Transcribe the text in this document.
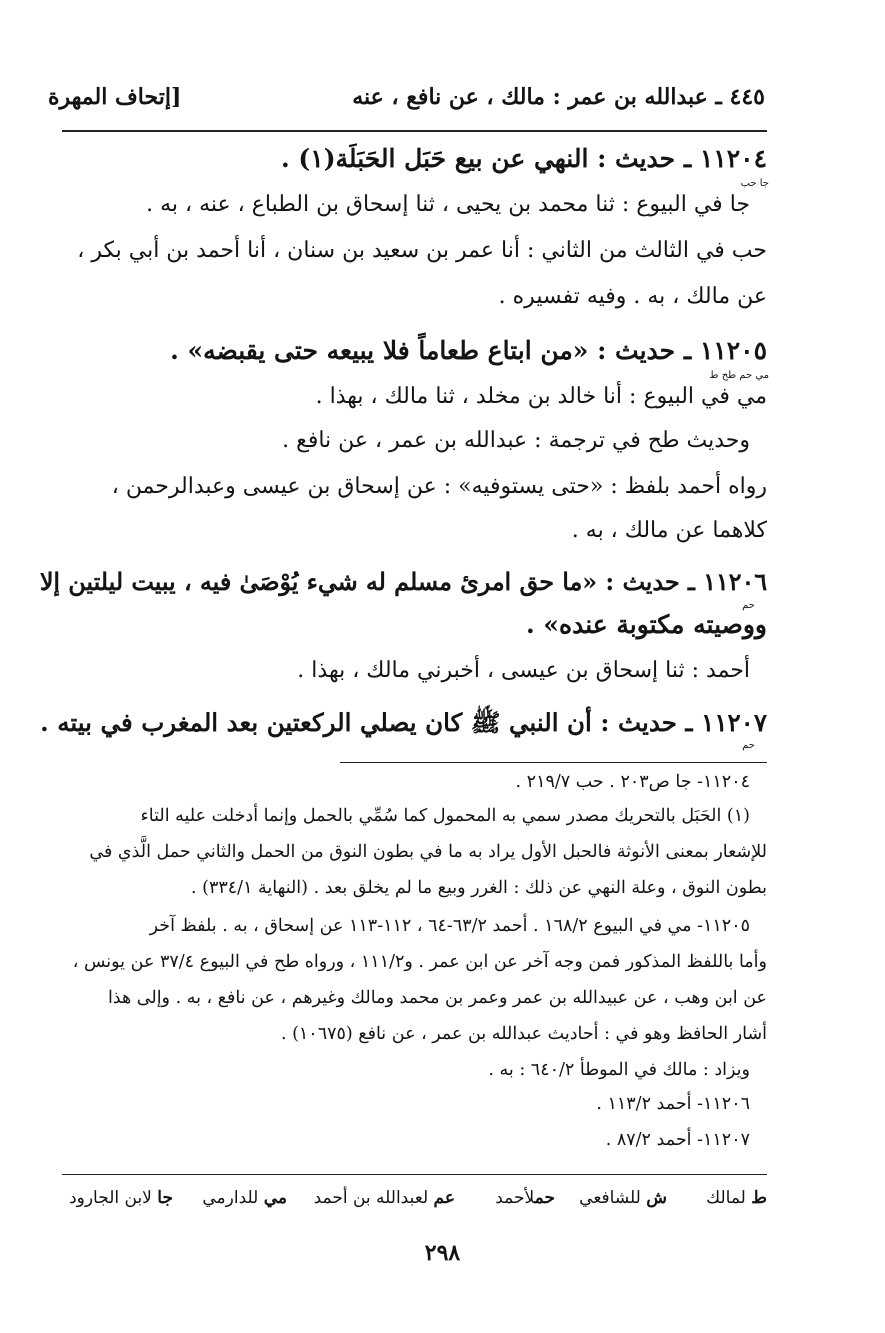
٤٤٥ ـ عبدالله بن عمر : مالك ، عن نافع ، عنه
[إتحاف المهرة
١١٢٠٤ ـ حديث : النهي عن بيع حَبَل الحَبَلَة(١) .
جا حب
جا في البيوع : ثنا محمد بن يحيى ، ثنا إسحاق بن الطباع ، عنه ، به .
حب في الثالث من الثاني : أنا عمر بن سعيد بن سنان ، أنا أحمد بن أبي بكر ،
عن مالك ، به . وفيه تفسيره .
١١٢٠٥ ـ حديث : «من ابتاع طعاماً فلا يبيعه حتى يقبضه» .
مي حم طح ط
مي في البيوع : أنا خالد بن مخلد ، ثنا مالك ، بهذا .
وحديث طح في ترجمة : عبدالله بن عمر ، عن نافع .
رواه أحمد بلفظ : «حتى يستوفيه» : عن إسحاق بن عيسى وعبدالرحمن ،
كلاهما عن مالك ، به .
١١٢٠٦ ـ حديث : «ما حق امرئ مسلم له شيء يُوْصَىٰ فيه ، يبيت ليلتين إلا
حم
ووصيته مكتوبة عنده» .
أحمد : ثنا إسحاق بن عيسى ، أخبرني مالك ، بهذا .
١١٢٠٧ ـ حديث : أن النبي ﷺ كان يصلي الركعتين بعد المغرب في بيته .
حم
١١٢٠٤- جا ص٢٠٣ . حب ٢١٩/٧ .
(١) الحَبَل بالتحريك مصدر سمي به المحمول كما سُمِّي بالحمل وإنما أدخلت عليه التاء
للإشعار بمعنى الأنوثة فالحبل الأول يراد به ما في بطون النوق من الحمل والثاني حمل الَّذي في
بطون النوق ، وعلة النهي عن ذلك : الغرر وبيع ما لم يخلق بعد . (النهاية ٣٣٤/١) .
١١٢٠٥- مي في البيوع ١٦٨/٢ . أحمد ٦٣/٢-٦٤ ، ١١٢-١١٣ عن إسحاق ، به . بلفظ آخر
وأما باللفظ المذكور فمن وجه آخر عن ابن عمر . و١١١/٢ ، ورواه طح في البيوع ٣٧/٤ عن يونس ،
عن ابن وهب ، عن عبيدالله بن عمر وعمر بن محمد ومالك وغيرهم ، عن نافع ، به . وإلى هذا
أشار الحافظ وهو في : أحاديث عبدالله بن عمر ، عن نافع (١٠٦٧٥) .
ويزاد : مالك في الموطأ ٦٤٠/٢ : به .
١١٢٠٦- أحمد ١١٣/٢ .
١١٢٠٧- أحمد ٨٧/٢ .
ط لمالك
ش للشافعي
حملأحمد
عم لعبدالله بن أحمد
مي للدارمي
جا لابن الجارود
٢٩٨
